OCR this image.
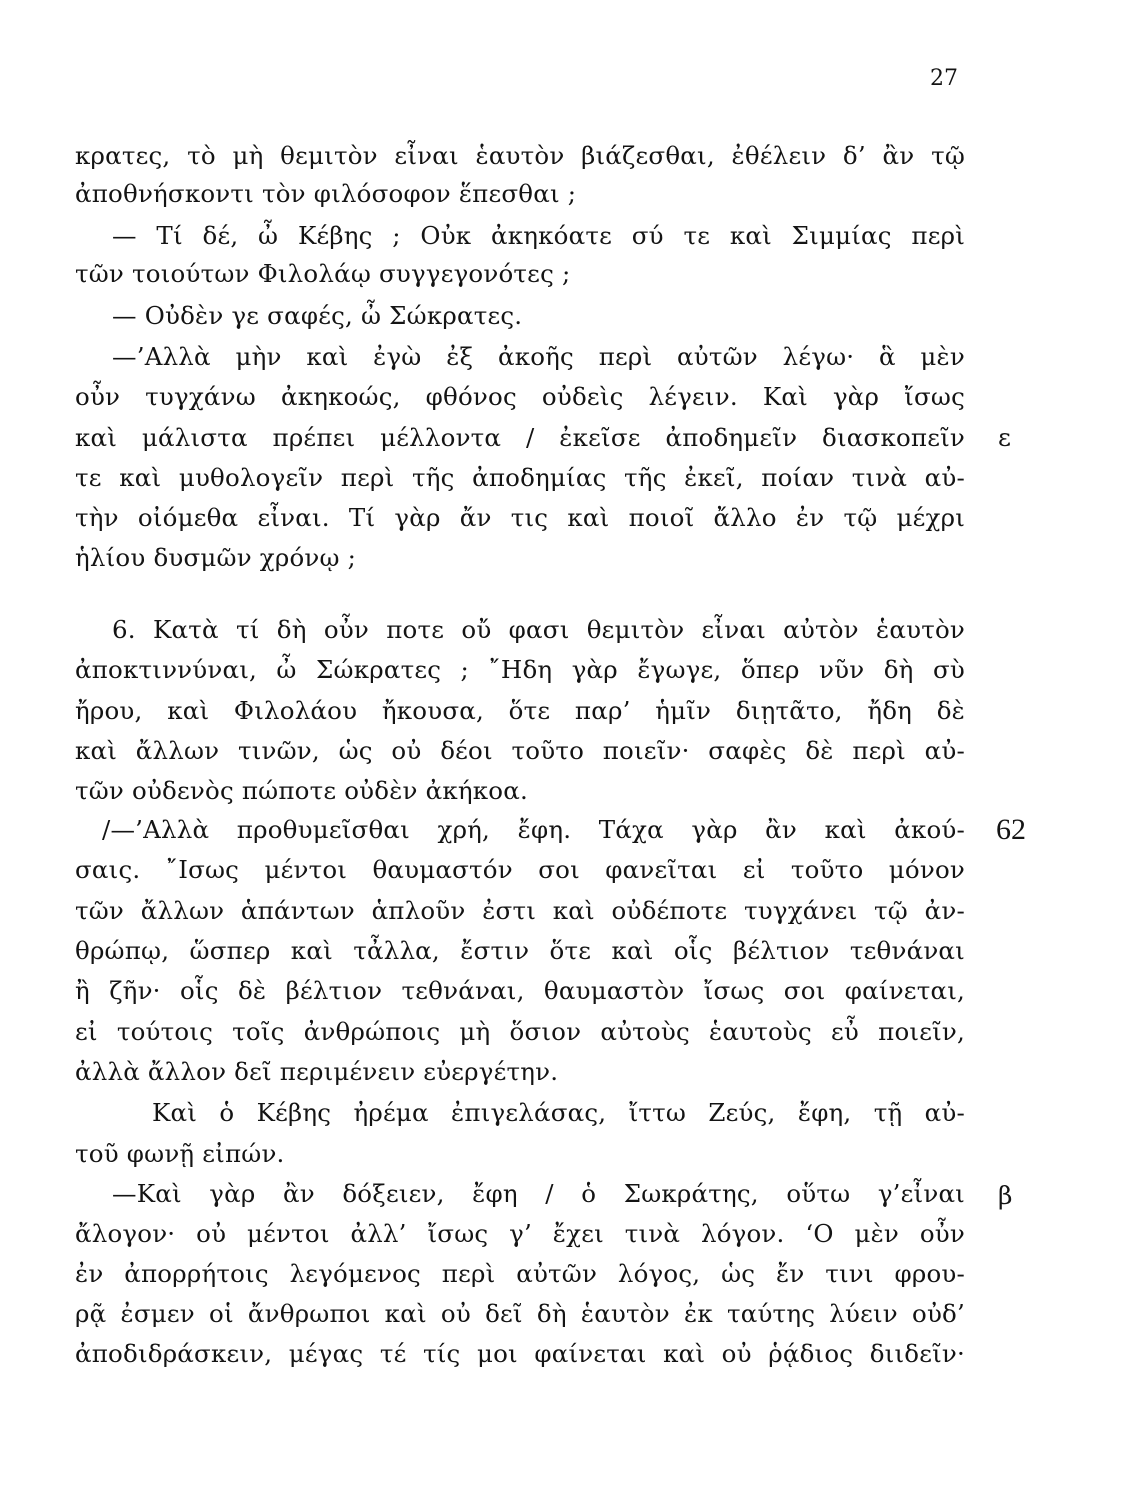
27
κρατες, τὸ μὴ θεμιτὸν εἶναι ἑαυτὸν βιάζεσθαι, ἐθέλειν δ’ ἂν τῷ
ἀποθνήσκοντι τὸν φιλόσοφον ἕπεσθαι ;
— Τί δέ, ὦ Κέβης ; Οὐκ ἀκηκόατε σύ τε καὶ Σιμμίας περὶ
τῶν τοιούτων Φιλολάῳ συγγεγονότες ;
— Οὐδὲν γε σαφές, ὦ Σώκρατες.
—’Αλλὰ μὴν καὶ ἐγὼ ἐξ ἀκοῆς περὶ αὐτῶν λέγω· ἃ μὲν
οὖν τυγχάνω ἀκηκοώς, φθόνος οὐδεὶς λέγειν. Καὶ γὰρ ἴσως
καὶ μάλιστα πρέπει μέλλοντα / ἐκεῖσε ἀποδημεῖν διασκοπεῖν
τε καὶ μυθολογεῖν περὶ τῆς ἀποδημίας τῆς ἐκεῖ, ποίαν τινὰ αὐ-
τὴν οἰόμεθα εἶναι. Τί γὰρ ἄν τις καὶ ποιοῖ ἄλλο ἐν τῷ μέχρι
ἡλίου δυσμῶν χρόνῳ ;
6. Κατὰ τί δὴ οὖν ποτε οὔ φασι θεμιτὸν εἶναι αὐτὸν ἑαυτὸν
ἀποκτιννύναι, ὦ Σώκρατες ; ῎Ηδη γὰρ ἔγωγε, ὅπερ νῦν δὴ σὺ
ἤρου, καὶ Φιλολάου ἤκουσα, ὅτε παρ’ ἡμῖν διῃτᾶτο, ἤδη δὲ
καὶ ἄλλων τινῶν, ὡς οὐ δέοι τοῦτο ποιεῖν· σαφὲς δὲ περὶ αὐ-
τῶν οὐδενὸς πώποτε οὐδὲν ἀκήκοα.
/—’Αλλὰ προθυμεῖσθαι χρή, ἔφη. Τάχα γὰρ ἂν καὶ ἀκού-
σαις. ῎Ισως μέντοι θαυμαστόν σοι φανεῖται εἰ τοῦτο μόνον
τῶν ἄλλων ἁπάντων ἁπλοῦν ἐστι καὶ οὐδέποτε τυγχάνει τῷ ἀν-
θρώπῳ, ὥσπερ καὶ τἆλλα, ἔστιν ὅτε καὶ οἷς βέλτιον τεθνάναι
ἢ ζῆν· οἷς δὲ βέλτιον τεθνάναι, θαυμαστὸν ἴσως σοι φαίνεται,
εἰ τούτοις τοῖς ἀνθρώποις μὴ ὅσιον αὐτοὺς ἑαυτοὺς εὖ ποιεῖν,
ἀλλὰ ἄλλον δεῖ περιμένειν εὐεργέτην.
Καὶ ὁ Κέβης ἠρέμα ἐπιγελάσας, ἴττω Ζεύς, ἔφη, τῇ αὐ-
τοῦ φωνῇ εἰπών.
—Καὶ γὰρ ἂν δόξειεν, ἔφη / ὁ Σωκράτης, οὕτω γ’εἶναι
ἄλογον· οὐ μέντοι ἀλλ’ ἴσως γ’ ἔχει τινὰ λόγον. ‘Ο μὲν οὖν
ἐν ἀπορρήτοις λεγόμενος περὶ αὐτῶν λόγος, ὡς ἔν τινι φρου-
ρᾷ ἐσμεν οἱ ἄνθρωποι καὶ οὐ δεῖ δὴ ἑαυτὸν ἐκ ταύτης λύειν οὐδ’
ἀποδιδράσκειν, μέγας τέ τίς μοι φαίνεται καὶ οὐ ῥᾴδιος διιδεῖν·
ε
62
β
